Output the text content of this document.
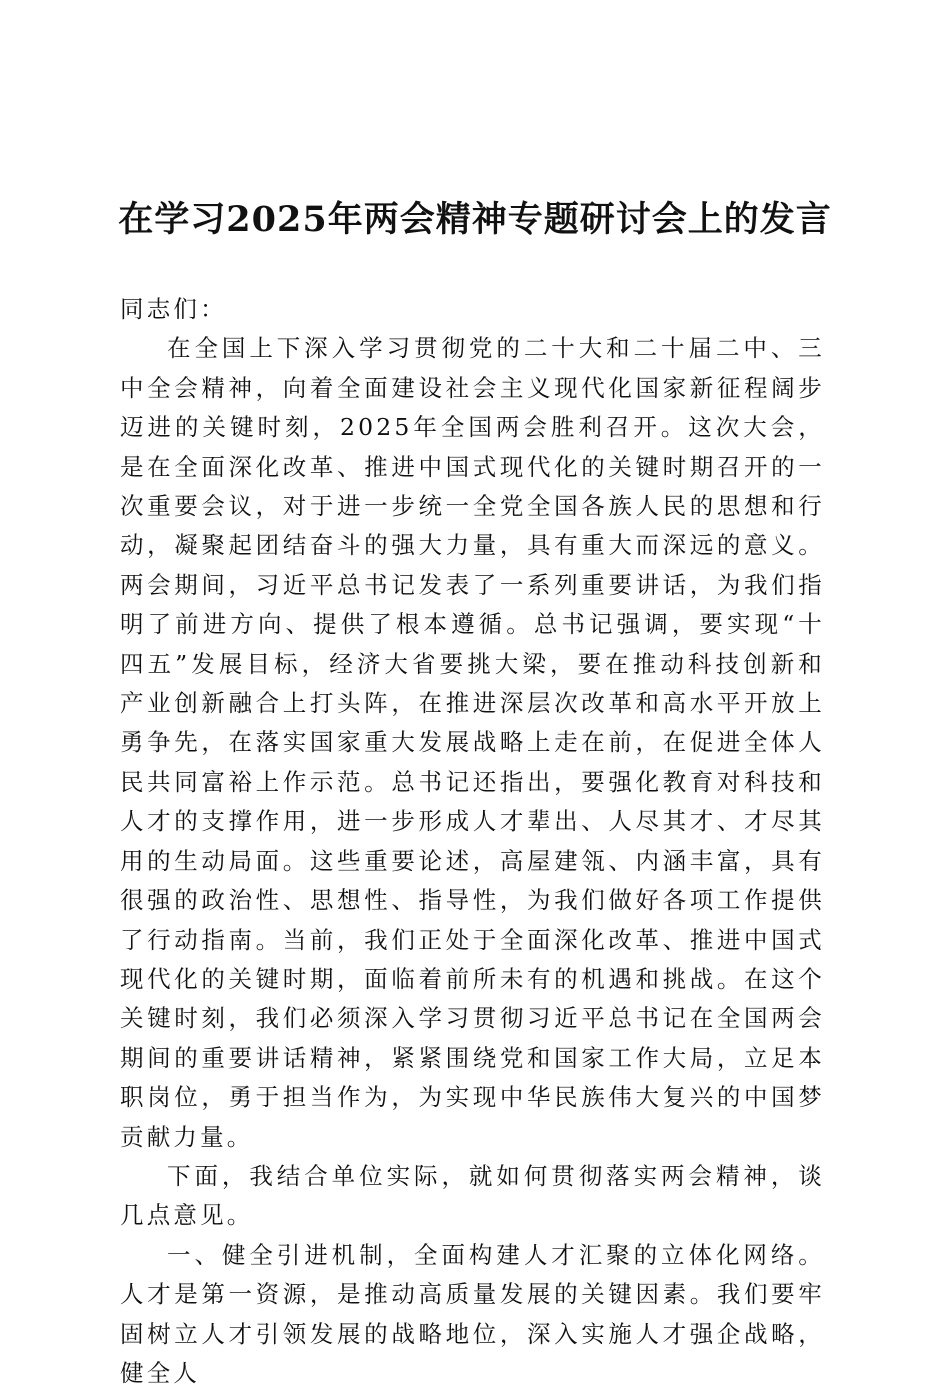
在学习2025年两会精神专题研讨会上的发言

同志们：

在全国上下深入学习贯彻党的二十大和二十届二中、三中全会精神，向着全面建设社会主义现代化国家新征程阔步迈进的关键时刻，2025年全国两会胜利召开。这次大会，是在全面深化改革、推进中国式现代化的关键时期召开的一次重要会议，对于进一步统一全党全国各族人民的思想和行动，凝聚起团结奋斗的强大力量，具有重大而深远的意义。两会期间，习近平总书记发表了一系列重要讲话，为我们指明了前进方向、提供了根本遵循。总书记强调，要实现“十四五”发展目标，经济大省要挑大梁，要在推动科技创新和产业创新融合上打头阵，在推进深层次改革和高水平开放上勇争先，在落实国家重大发展战略上走在前，在促进全体人民共同富裕上作示范。总书记还指出，要强化教育对科技和人才的支撑作用，进一步形成人才辈出、人尽其才、才尽其用的生动局面。这些重要论述，高屋建瓴、内涵丰富，具有很强的政治性、思想性、指导性，为我们做好各项工作提供了行动指南。当前，我们正处于全面深化改革、推进中国式现代化的关键时期，面临着前所未有的机遇和挑战。在这个关键时刻，我们必须深入学习贯彻习近平总书记在全国两会期间的重要讲话精神，紧紧围绕党和国家工作大局，立足本职岗位，勇于担当作为，为实现中华民族伟大复兴的中国梦贡献力量。

下面，我结合单位实际，就如何贯彻落实两会精神，谈几点意见。

一、健全引进机制，全面构建人才汇聚的立体化网络。人才是第一资源，是推动高质量发展的关键因素。我们要牢固树立人才引领发展的战略地位，深入实施人才强企战略，健全人
